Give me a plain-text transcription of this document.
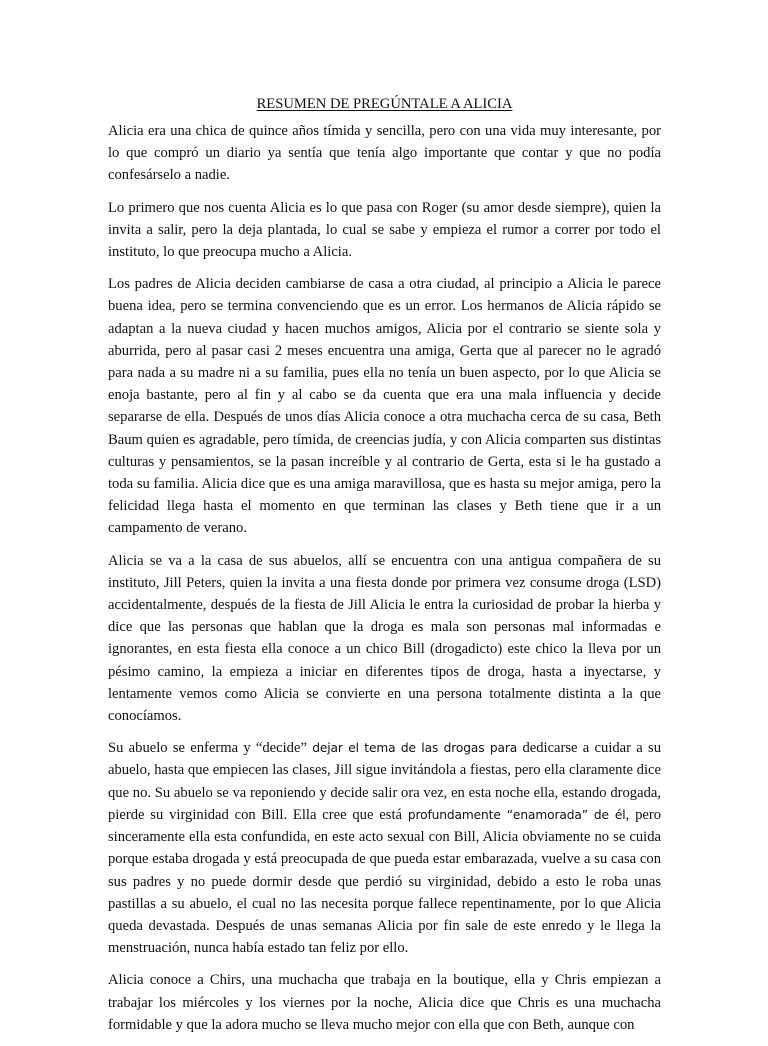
RESUMEN DE PREGÚNTALE A ALICIA

Alicia era una chica de quince años tímida y sencilla, pero con una vida muy interesante, por lo que compró un diario ya sentía que tenía algo importante que contar y que no podía confesárselo a nadie.

Lo primero que nos cuenta Alicia es lo que pasa con Roger (su amor desde siempre), quien la invita a salir, pero la deja plantada, lo cual se sabe y empieza el rumor a correr por todo el instituto, lo que preocupa mucho a Alicia.

Los padres de Alicia deciden cambiarse de casa a otra ciudad, al principio a Alicia le parece buena idea, pero se termina convenciendo que es un error. Los hermanos de Alicia rápido se adaptan a la nueva ciudad y hacen muchos amigos, Alicia por el contrario se siente sola y aburrida, pero al pasar casi 2 meses encuentra una amiga, Gerta que al parecer no le agradó para nada a su madre ni a su familia, pues ella no tenía un buen aspecto, por lo que Alicia se enoja bastante, pero al fin y al cabo se da cuenta que era una mala influencia y decide separarse de ella. Después de unos días Alicia conoce a otra muchacha cerca de su casa, Beth Baum quien es agradable, pero tímida, de creencias judía, y con Alicia comparten sus distintas culturas y pensamientos, se la pasan increíble y al contrario de Gerta, esta si le ha gustado a toda su familia. Alicia dice que es una amiga maravillosa, que es hasta su mejor amiga, pero la felicidad llega hasta el momento en que terminan las clases y Beth tiene que ir a un campamento de verano.

Alicia se va a la casa de sus abuelos, allí se encuentra con una antigua compañera de su instituto, Jill Peters, quien la invita a una fiesta donde por primera vez consume droga (LSD) accidentalmente, después de la fiesta de Jill Alicia le entra la curiosidad de probar la hierba y dice que las personas que hablan que la droga es mala son personas mal informadas e ignorantes, en esta fiesta ella conoce a un chico Bill (drogadicto) este chico la lleva por un pésimo camino, la empieza a iniciar en diferentes tipos de droga, hasta a inyectarse, y lentamente vemos como Alicia se convierte en una persona totalmente distinta a la que conocíamos.

Su abuelo se enferma y “decide” dejar el tema de las drogas para dedicarse a cuidar a su abuelo, hasta que empiecen las clases, Jill sigue invitándola a fiestas, pero ella claramente dice que no. Su abuelo se va reponiendo y decide salir ora vez, en esta noche ella, estando drogada, pierde su virginidad con Bill. Ella cree que está profundamente “enamorada” de él, pero sinceramente ella esta confundida, en este acto sexual con Bill, Alicia obviamente no se cuida porque estaba drogada y está preocupada de que pueda estar embarazada, vuelve a su casa con sus padres y no puede dormir desde que perdió su virginidad, debido a esto le roba unas pastillas a su abuelo, el cual no las necesita porque fallece repentinamente, por lo que Alicia queda devastada. Después de unas semanas Alicia por fin sale de este enredo y le llega la menstruación, nunca había estado tan feliz por ello.

Alicia conoce a Chirs, una muchacha que trabaja en la boutique, ella y Chris empiezan a trabajar los miércoles y los viernes por la noche, Alicia dice que Chris es una muchacha formidable y que la adora mucho se lleva mucho mejor con ella que con Beth, aunque con
